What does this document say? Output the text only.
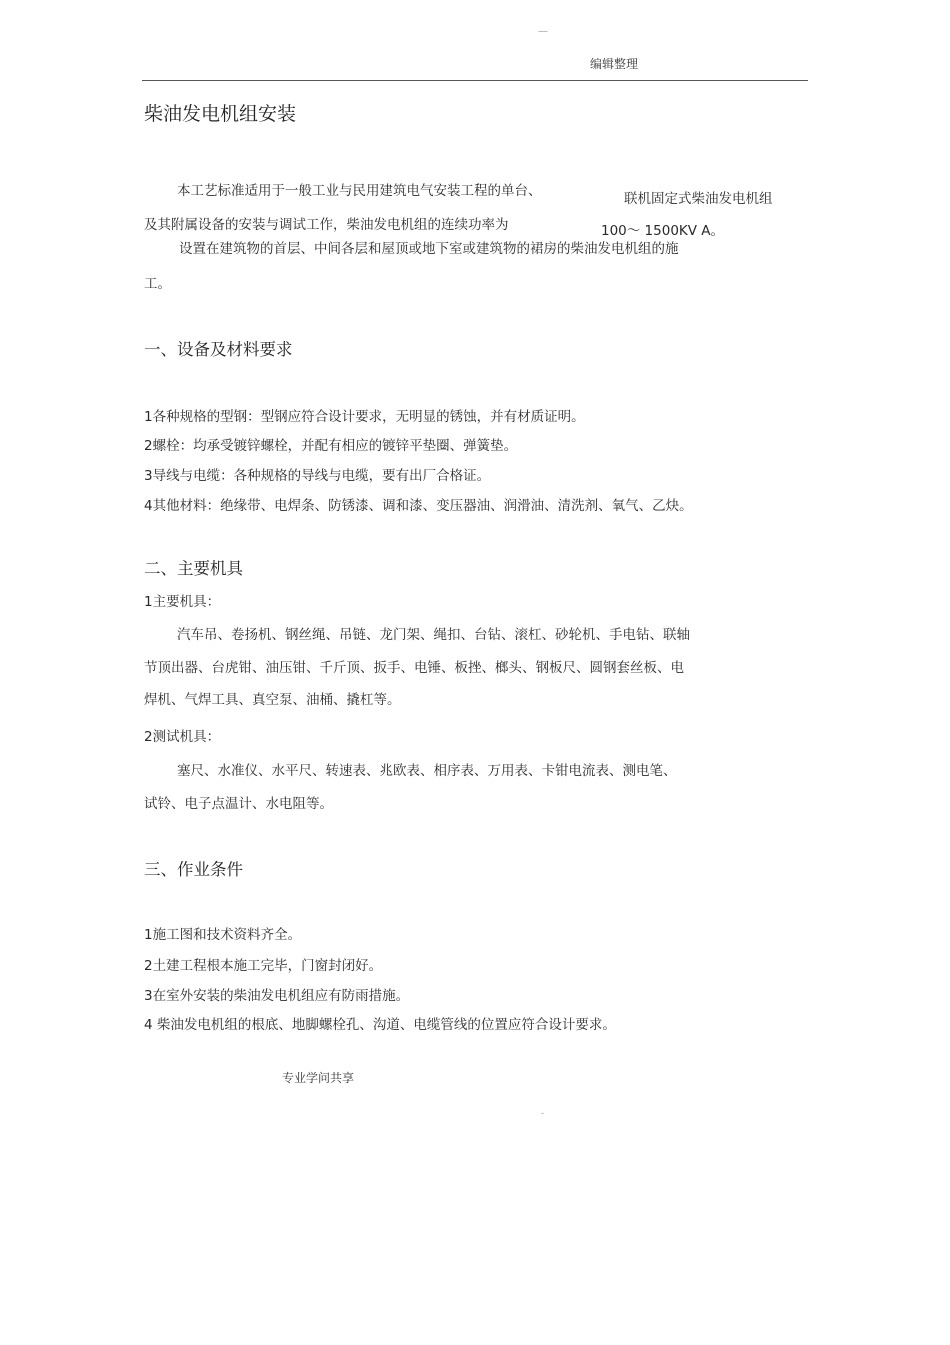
—
编辑整理
柴油发电机组安装
本工艺标准适用于一般工业与民用建筑电气安装工程的单台、	联机固定式柴油发电机组
及其附属设备的安装与调试工作，柴油发电机组的连续功率为	100～ 1500KV A。
设置在建筑物的首层、中间各层和屋顶或地下室或建筑物的裙房的柴油发电机组的施
工。
一、设备及材料要求
1各种规格的型钢：型钢应符合设计要求，无明显的锈蚀，并有材质证明。
2螺栓：均承受镀锌螺栓，并配有相应的镀锌平垫圈、弹簧垫。
3导线与电缆：各种规格的导线与电缆，要有出厂合格证。
4其他材料：绝缘带、电焊条、防锈漆、调和漆、变压器油、润滑油、清洗剂、氧气、乙炔。
二、主要机具
1主要机具：
汽车吊、卷扬机、钢丝绳、吊链、龙门架、绳扣、台钻、滚杠、砂轮机、手电钻、联轴
节顶出器、台虎钳、油压钳、千斤顶、扳手、电锤、板挫、榔头、钢板尺、圆钢套丝板、电
焊机、气焊工具、真空泵、油桶、撬杠等。
2测试机具：
塞尺、水准仪、水平尺、转速表、兆欧表、相序表、万用表、卡钳电流表、测电笔、
试铃、电子点温计、水电阻等。
三、作业条件
1施工图和技术资料齐全。
2土建工程根本施工完毕，门窗封闭好。
3在室外安装的柴油发电机组应有防雨措施。
4 柴油发电机组的根底、地脚螺栓孔、沟道、电缆管线的位置应符合设计要求。
专业学问共享
-
